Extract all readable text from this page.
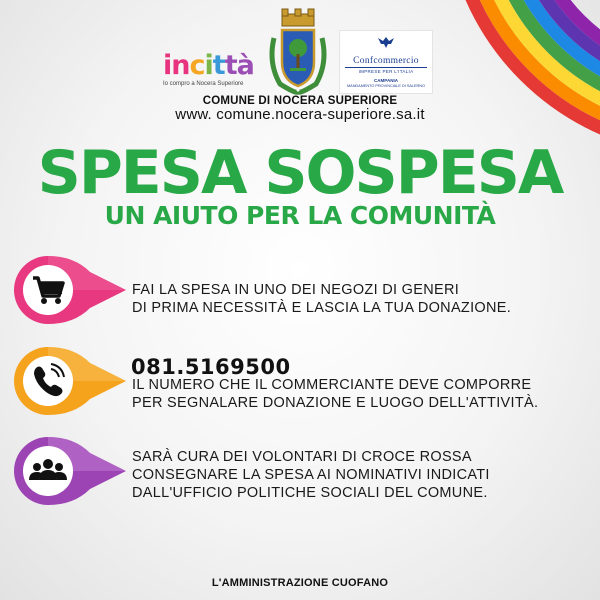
incittà
Io compro a Nocera Superiore
Confcommercio
IMPRESE PER L'ITALIA
CAMPANIA
MANDAMENTO PROVINCIALE DI SALERNO
COMUNE DI NOCERA SUPERIORE
www. comune.nocera-superiore.sa.it
SPESA SOSPESA
UN AIUTO PER LA COMUNITÀ
FAI LA SPESA IN UNO DEI NEGOZI DI GENERI
DI PRIMA NECESSITÀ E LASCIA LA TUA DONAZIONE.
081.5169500
IL NUMERO CHE IL COMMERCIANTE DEVE COMPORRE
PER SEGNALARE DONAZIONE E LUOGO DELL'ATTIVITÀ.
SARÀ CURA DEI VOLONTARI DI CROCE ROSSA
CONSEGNARE LA SPESA AI NOMINATIVI INDICATI
DALL'UFFICIO POLITICHE SOCIALI DEL COMUNE.
L'AMMINISTRAZIONE CUOFANO
